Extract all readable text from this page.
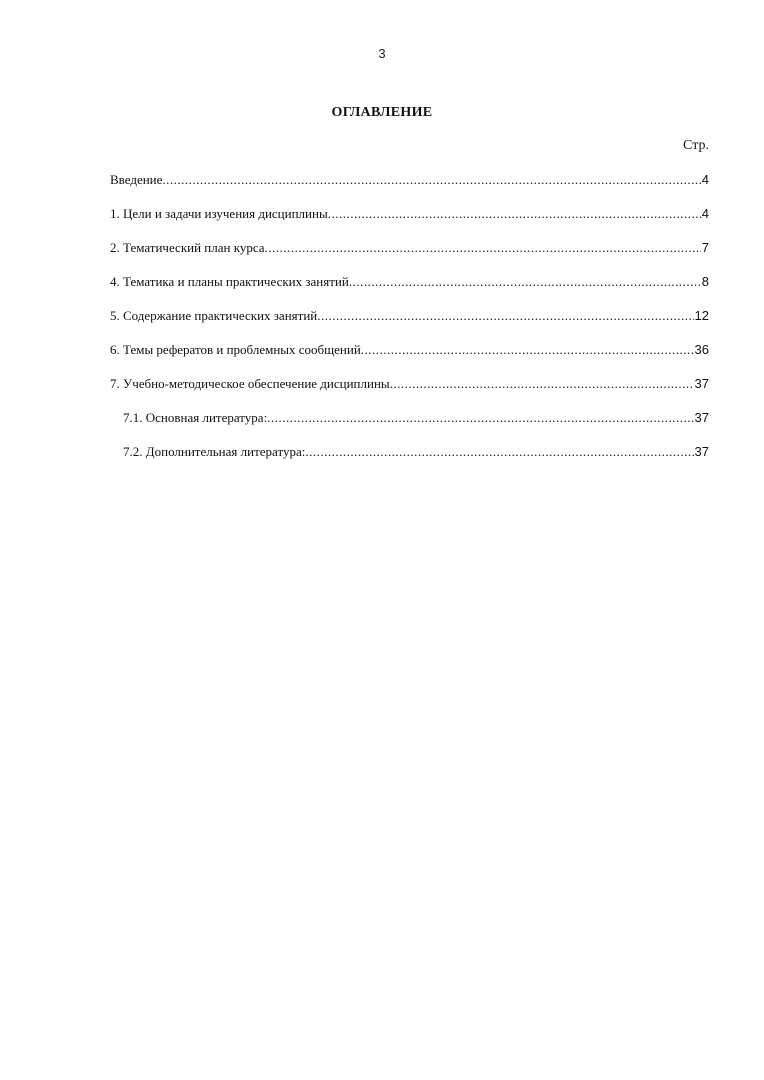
3
ОГЛАВЛЕНИЕ
Стр.
Введение .....	4
1. Цели и задачи изучения дисциплины .....	4
2. Тематический план курса .....	7
4. Тематика и планы практических занятий .....	8
5. Содержание практических занятий .....	12
6. Темы рефератов и проблемных сообщений .....	36
7. Учебно-методическое обеспечение дисциплины .....	37
7.1. Основная литература: .....	37
7.2. Дополнительная литература: .....	37
